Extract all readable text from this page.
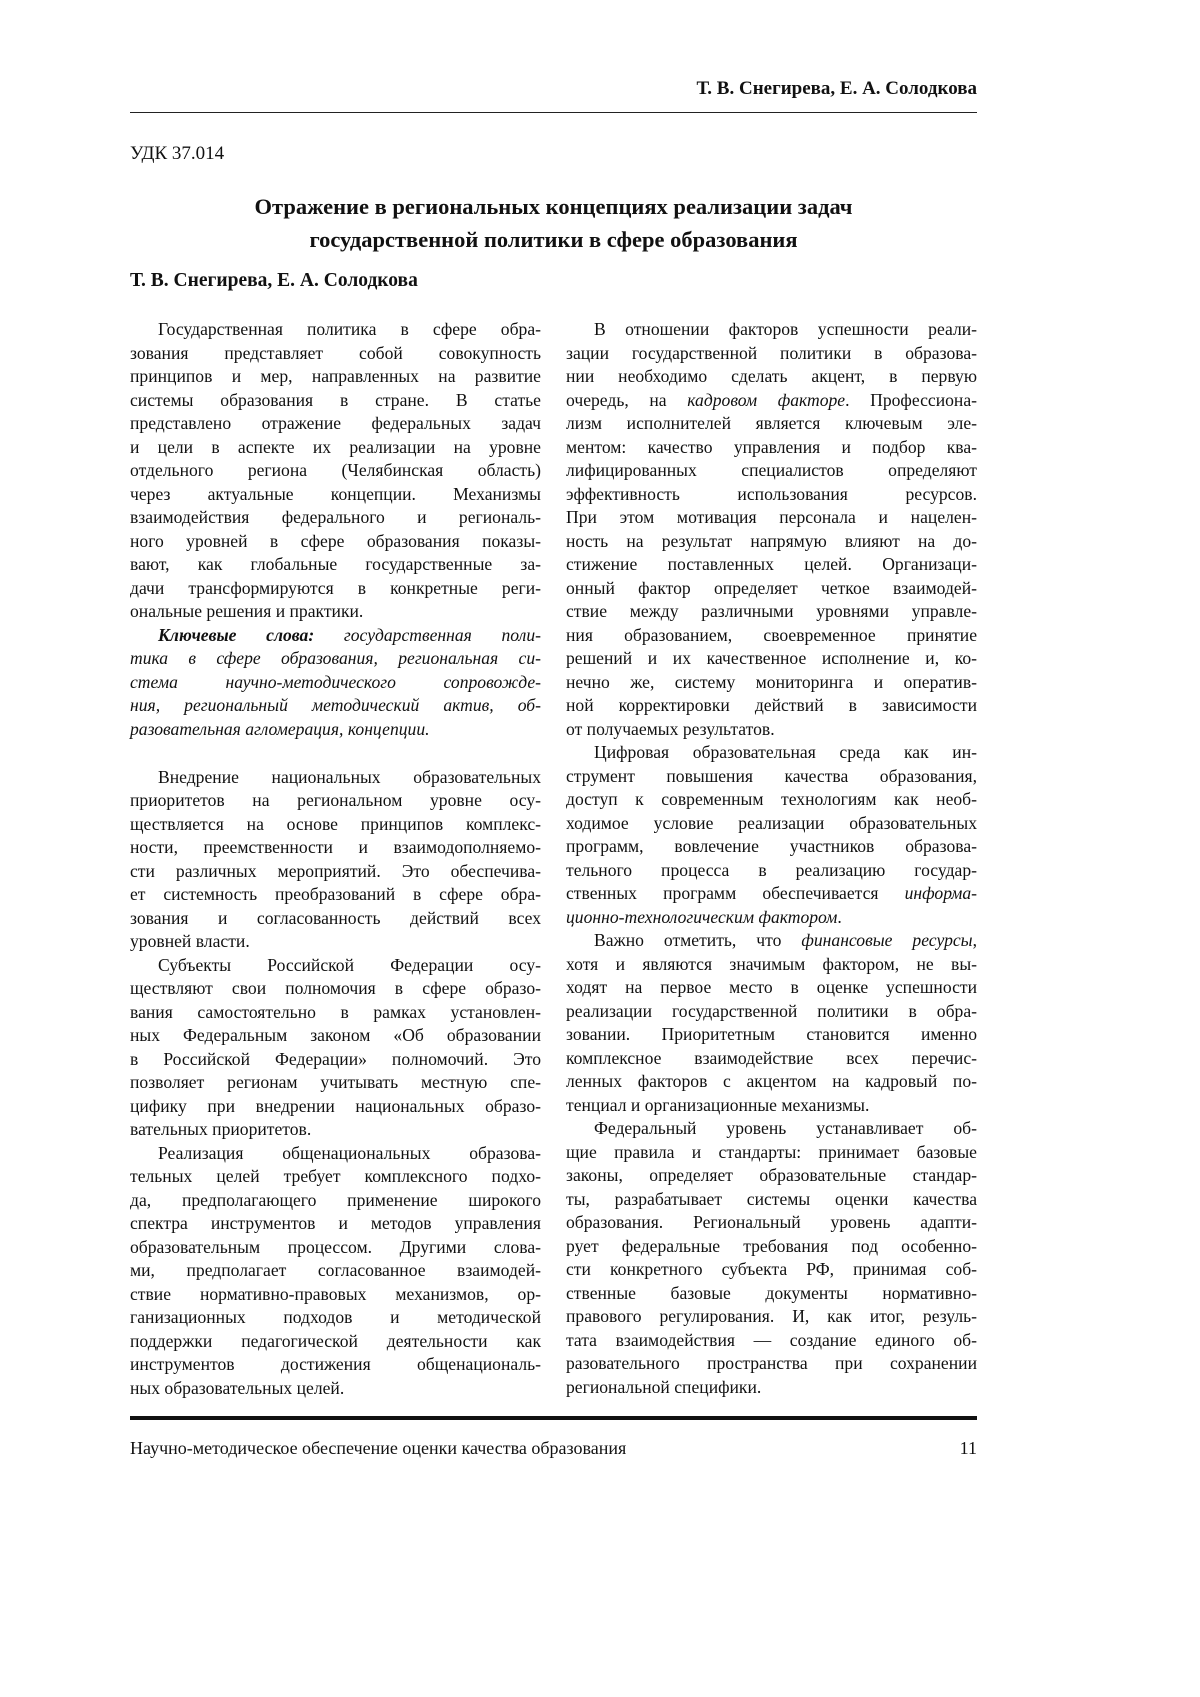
Т. В. Снегирева, Е. А. Солодкова
УДК 37.014
Отражение в региональных концепциях реализации задач
государственной политики в сфере образования
Т. В. Снегирева, Е. А. Солодкова
Государственная политика в сфере обра-
зования представляет собой совокупность
принципов и мер, направленных на развитие
системы образования в стране. В статье
представлено отражение федеральных задач
и цели в аспекте их реализации на уровне
отдельного региона (Челябинская область)
через актуальные концепции. Механизмы
взаимодействия федерального и региональ-
ного уровней в сфере образования показы-
вают, как глобальные государственные за-
дачи трансформируются в конкретные реги-
ональные решения и практики.
Ключевые слова: государственная поли-
тика в сфере образования, региональная си-
стема научно-методического сопровожде-
ния, региональный методический актив, об-
разовательная агломерация, концепции.
Внедрение национальных образовательных
приоритетов на региональном уровне осу-
ществляется на основе принципов комплекс-
ности, преемственности и взаимодополняемо-
сти различных мероприятий. Это обеспечива-
ет системность преобразований в сфере обра-
зования и согласованность действий всех
уровней власти.
Субъекты Российской Федерации осу-
ществляют свои полномочия в сфере образо-
вания самостоятельно в рамках установлен-
ных Федеральным законом «Об образовании
в Российской Федерации» полномочий. Это
позволяет регионам учитывать местную спе-
цифику при внедрении национальных образо-
вательных приоритетов.
Реализация общенациональных образова-
тельных целей требует комплексного подхо-
да, предполагающего применение широкого
спектра инструментов и методов управления
образовательным процессом. Другими слова-
ми, предполагает согласованное взаимодей-
ствие нормативно-правовых механизмов, ор-
ганизационных подходов и методической
поддержки педагогической деятельности как
инструментов достижения общенациональ-
ных образовательных целей.
В отношении факторов успешности реали-
зации государственной политики в образова-
нии необходимо сделать акцент, в первую
очередь, на кадровом факторе. Профессиона-
лизм исполнителей является ключевым эле-
ментом: качество управления и подбор ква-
лифицированных специалистов определяют
эффективность использования ресурсов.
При этом мотивация персонала и нацелен-
ность на результат напрямую влияют на до-
стижение поставленных целей. Организаци-
онный фактор определяет четкое взаимодей-
ствие между различными уровнями управле-
ния образованием, своевременное принятие
решений и их качественное исполнение и, ко-
нечно же, систему мониторинга и оператив-
ной корректировки действий в зависимости
от получаемых результатов.
Цифровая образовательная среда как ин-
струмент повышения качества образования,
доступ к современным технологиям как необ-
ходимое условие реализации образовательных
программ, вовлечение участников образова-
тельного процесса в реализацию государ-
ственных программ обеспечивается информа-
ционно-технологическим фактором.
Важно отметить, что финансовые ресурсы,
хотя и являются значимым фактором, не вы-
ходят на первое место в оценке успешности
реализации государственной политики в обра-
зовании. Приоритетным становится именно
комплексное взаимодействие всех перечис-
ленных факторов с акцентом на кадровый по-
тенциал и организационные механизмы.
Федеральный уровень устанавливает об-
щие правила и стандарты: принимает базовые
законы, определяет образовательные стандар-
ты, разрабатывает системы оценки качества
образования. Региональный уровень адапти-
рует федеральные требования под особенно-
сти конкретного субъекта РФ, принимая соб-
ственные базовые документы нормативно-
правового регулирования. И, как итог, резуль-
тата взаимодействия — создание единого об-
разовательного пространства при сохранении
региональной специфики.
Научно-методическое обеспечение оценки качества образования	11
